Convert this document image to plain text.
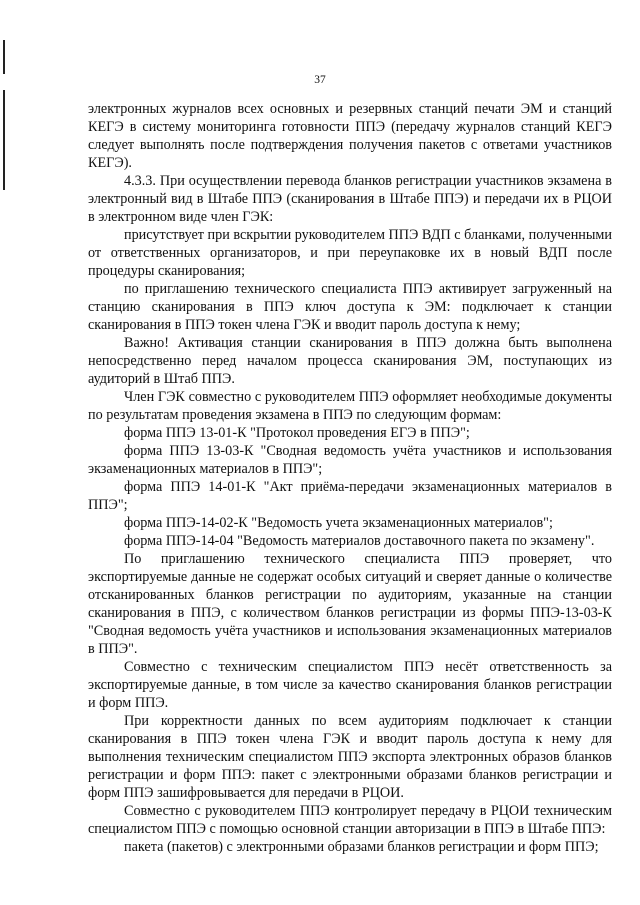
37

электронных журналов всех основных и резервных станций печати ЭМ и станций КЕГЭ в систему мониторинга готовности ППЭ (передачу журналов станций КЕГЭ следует выполнять после подтверждения получения пакетов с ответами участников КЕГЭ).

4.3.3. При осуществлении перевода бланков регистрации участников экзамена в электронный вид в Штабе ППЭ (сканирования в Штабе ППЭ) и передачи их в РЦОИ в электронном виде член ГЭК:

присутствует при вскрытии руководителем ППЭ ВДП с бланками, полученными от ответственных организаторов, и при переупаковке их в новый ВДП после процедуры сканирования;

по приглашению технического специалиста ППЭ активирует загруженный на станцию сканирования в ППЭ ключ доступа к ЭМ: подключает к станции сканирования в ППЭ токен члена ГЭК и вводит пароль доступа к нему;

Важно! Активация станции сканирования в ППЭ должна быть выполнена непосредственно перед началом процесса сканирования ЭМ, поступающих из аудиторий в Штаб ППЭ.

Член ГЭК совместно с руководителем ППЭ оформляет необходимые документы по результатам проведения экзамена в ППЭ по следующим формам:

форма ППЭ 13-01-К "Протокол проведения ЕГЭ в ППЭ";

форма ППЭ 13-03-К "Сводная ведомость учёта участников и использования экзаменационных материалов в ППЭ";

форма ППЭ 14-01-К "Акт приёма-передачи экзаменационных материалов в ППЭ";

форма ППЭ-14-02-К "Ведомость учета экзаменационных материалов";

форма ППЭ-14-04 "Ведомость материалов доставочного пакета по экзамену".

По приглашению технического специалиста ППЭ проверяет, что экспортируемые данные не содержат особых ситуаций и сверяет данные о количестве отсканированных бланков регистрации по аудиториям, указанные на станции сканирования в ППЭ, с количеством бланков регистрации из формы ППЭ-13-03-К "Сводная ведомость учёта участников и использования экзаменационных материалов в ППЭ".

Совместно с техническим специалистом ППЭ несёт ответственность за экспортируемые данные, в том числе за качество сканирования бланков регистрации и форм ППЭ.

При корректности данных по всем аудиториям подключает к станции сканирования в ППЭ токен члена ГЭК и вводит пароль доступа к нему для выполнения техническим специалистом ППЭ экспорта электронных образов бланков регистрации и форм ППЭ: пакет с электронными образами бланков регистрации и форм ППЭ зашифровывается для передачи в РЦОИ.

Совместно с руководителем ППЭ контролирует передачу в РЦОИ техническим специалистом ППЭ с помощью основной станции авторизации в ППЭ в Штабе ППЭ:

пакета (пакетов) с электронными образами бланков регистрации и форм ППЭ;
